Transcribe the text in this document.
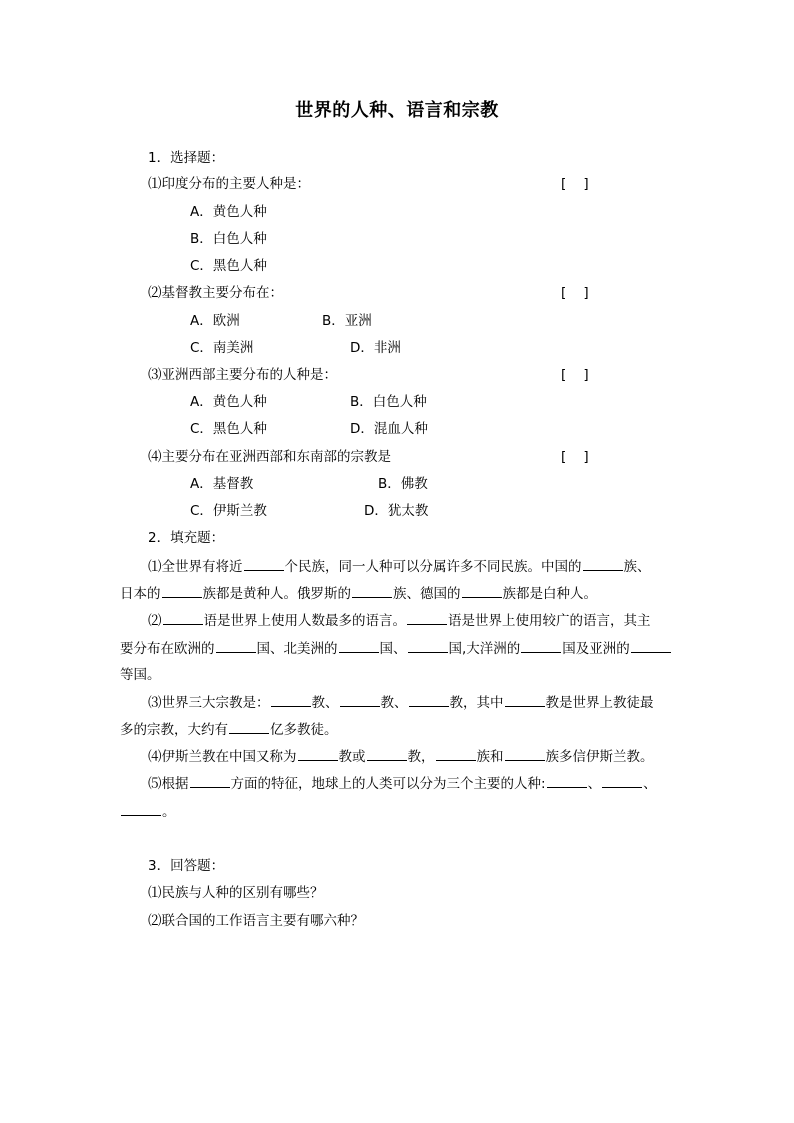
世界的人种、语言和宗教
1．选择题：
⑴印度分布的主要人种是：	[    ]
A．黄色人种
B．白色人种
C．黑色人种
⑵基督教主要分布在：	[    ]
A．欧洲	B．亚洲
C．南美洲	D．非洲
⑶亚洲西部主要分布的人种是：	[    ]
A．黄色人种	B．白色人种
C．黑色人种	D．混血人种
⑷主要分布在亚洲西部和东南部的宗教是	[    ]
A．基督教	B．佛教
C．伊斯兰教	D．犹太教
2．填充题：
⑴全世界有将近	个民族，同一人种可以分属许多不同民族。中国的	族、
日本的	族都是黄种人。俄罗斯的	族、德国的	族都是白种人。
⑵	语是世界上使用人数最多的语言。	语是世界上使用较广的语言，其主
要分布在欧洲的	国、北美洲的	国、	国,大洋洲的	国及亚洲的
等国。
⑶世界三大宗教是：	教、	教、	教，其中	教是世界上教徒最
多的宗教，大约有	亿多教徒。
⑷伊斯兰教在中国又称为	教或	教，	族和	族多信伊斯兰教。
⑸根据	方面的特征，地球上的人类可以分为三个主要的人种:	、	、
。
3．回答题：
⑴民族与人种的区别有哪些？
⑵联合国的工作语言主要有哪六种？
